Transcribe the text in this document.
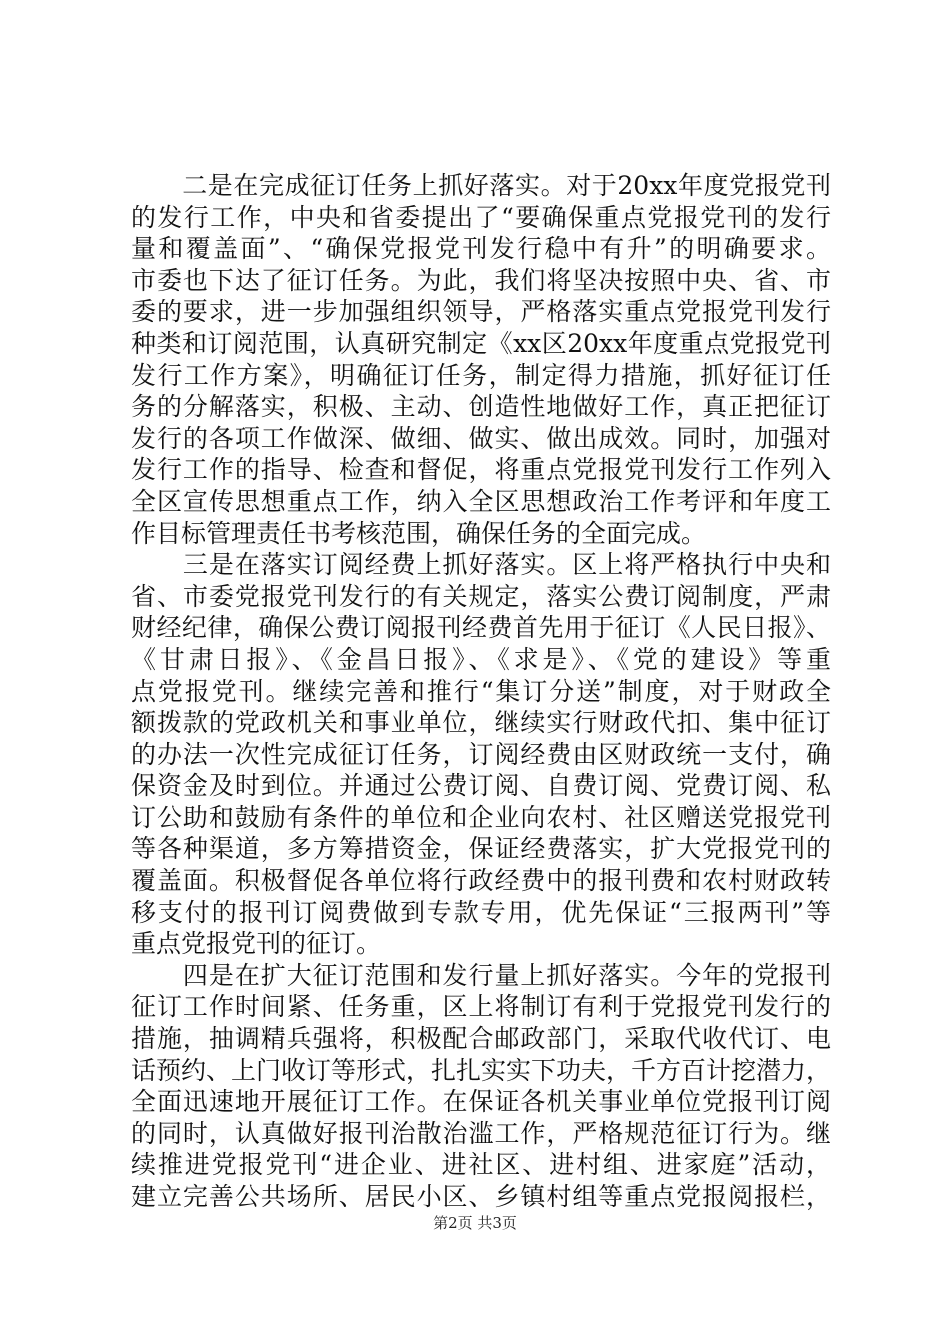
　　二是在完成征订任务上抓好落实。对于20xx年度党报党刊
的发行工作，中央和省委提出了“要确保重点党报党刊的发行
量和覆盖面”、“确保党报党刊发行稳中有升”的明确要求。
市委也下达了征订任务。为此，我们将坚决按照中央、省、市
委的要求，进一步加强组织领导，严格落实重点党报党刊发行
种类和订阅范围，认真研究制定《xx区20xx年度重点党报党刊
发行工作方案》，明确征订任务，制定得力措施，抓好征订任
务的分解落实，积极、主动、创造性地做好工作，真正把征订
发行的各项工作做深、做细、做实、做出成效。同时，加强对
发行工作的指导、检查和督促，将重点党报党刊发行工作列入
全区宣传思想重点工作，纳入全区思想政治工作考评和年度工
作目标管理责任书考核范围，确保任务的全面完成。
　　三是在落实订阅经费上抓好落实。区上将严格执行中央和
省、市委党报党刊发行的有关规定，落实公费订阅制度，严肃
财经纪律，确保公费订阅报刊经费首先用于征订《人民日报》、
《甘肃日报》、《金昌日报》、《求是》、《党的建设》等重
点党报党刊。继续完善和推行“集订分送”制度，对于财政全
额拨款的党政机关和事业单位，继续实行财政代扣、集中征订
的办法一次性完成征订任务，订阅经费由区财政统一支付，确
保资金及时到位。并通过公费订阅、自费订阅、党费订阅、私
订公助和鼓励有条件的单位和企业向农村、社区赠送党报党刊
等各种渠道，多方筹措资金，保证经费落实，扩大党报党刊的
覆盖面。积极督促各单位将行政经费中的报刊费和农村财政转
移支付的报刊订阅费做到专款专用，优先保证“三报两刊”等
重点党报党刊的征订。
　　四是在扩大征订范围和发行量上抓好落实。今年的党报刊
征订工作时间紧、任务重，区上将制订有利于党报党刊发行的
措施，抽调精兵强将，积极配合邮政部门，采取代收代订、电
话预约、上门收订等形式，扎扎实实下功夫，千方百计挖潜力，
全面迅速地开展征订工作。在保证各机关事业单位党报刊订阅
的同时，认真做好报刊治散治滥工作，严格规范征订行为。继
续推进党报党刊“进企业、进社区、进村组、进家庭”活动，
建立完善公共场所、居民小区、乡镇村组等重点党报阅报栏，
第2页 共3页
